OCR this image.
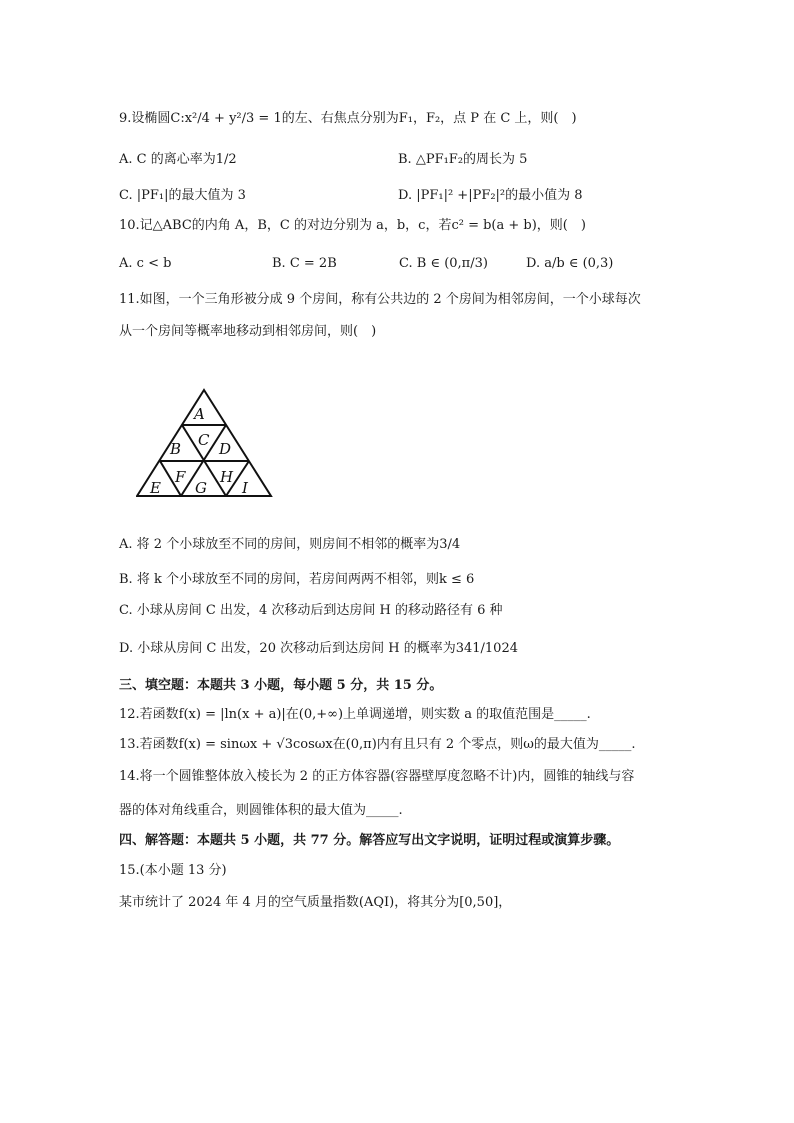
9.设椭圆C:x²/4 + y²/3 = 1的左、右焦点分别为F₁，F₂，点 P 在 C 上，则(　)
A. C 的离心率为1/2	B. △PF₁F₂的周长为 5
C. |PF₁|的最大值为 3	D. |PF₁|² +|PF₂|²的最小值为 8
10.记△ABC的内角 A，B，C 的对边分别为 a，b，c，若c² = b(a + b)，则(　)
A. c < b	B. C = 2B	C. B ∈ (0,π/3)	D. a/b ∈ (0,3)
11.如图，一个三角形被分成 9 个房间，称有公共边的 2 个房间为相邻房间，一个小球每次
从一个房间等概率地移动到相邻房间，则(　)
A
B C D
E
F
G
H
I
A. 将 2 个小球放至不同的房间，则房间不相邻的概率为3/4
B. 将 k 个小球放至不同的房间，若房间两两不相邻，则k ≤ 6
C. 小球从房间 C 出发，4 次移动后到达房间 H 的移动路径有 6 种
D. 小球从房间 C 出发，20 次移动后到达房间 H 的概率为341/1024
三、填空题：本题共 3 小题，每小题 5 分，共 15 分。
12.若函数f(x) = |ln(x + a)|在(0,+∞)上单调递增，则实数 a 的取值范围是_____.
13.若函数f(x) = sinωx + √3cosωx在(0,π)内有且只有 2 个零点，则ω的最大值为_____.
14.将一个圆锥整体放入棱长为 2 的正方体容器(容器壁厚度忽略不计)内，圆锥的轴线与容
器的体对角线重合，则圆锥体积的最大值为_____.
四、解答题：本题共 5 小题，共 77 分。解答应写出文字说明，证明过程或演算步骤。
15.(本小题 13 分)
某市统计了 2024 年 4 月的空气质量指数(AQI)，将其分为[0,50]，
